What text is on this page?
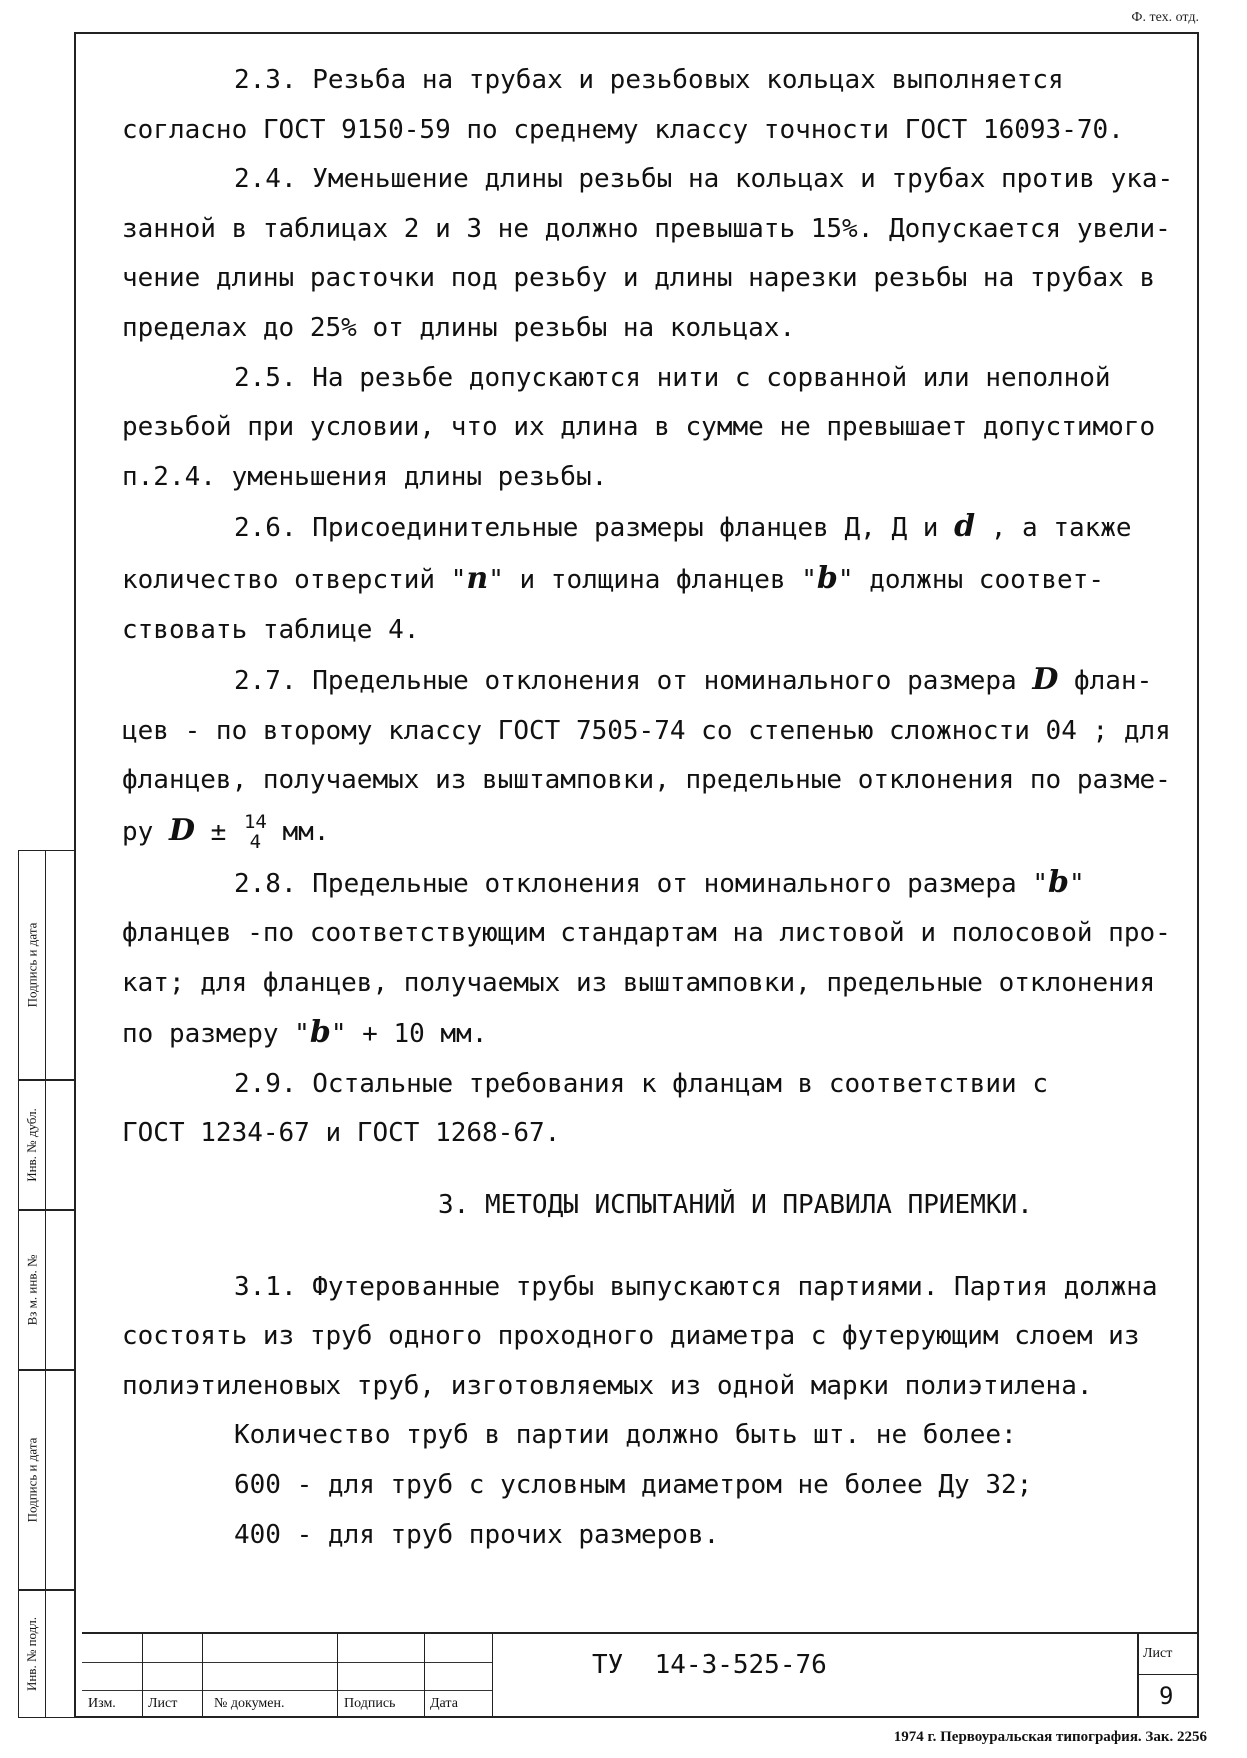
Ф. тех. отд.

2.3. Резьба на трубах и резьбовых кольцах выполняется

согласно ГОСТ 9150-59 по среднему классу точности ГОСТ 16093-70.

2.4. Уменьшение длины резьбы на кольцах и трубах против ука-

занной в таблицах 2 и 3 не должно превышать 15%. Допускается увели-

чение длины расточки под резьбу и длины нарезки резьбы на трубах в

пределах до 25% от длины резьбы на кольцах.

2.5. На резьбе допускаются нити с сорванной или неполной

резьбой при условии, что их длина в сумме не превышает допустимого

п.2.4. уменьшения длины резьбы.

2.6. Присоединительные размеры фланцев Д, Д и d , а также

количество отверстий "n" и толщина фланцев "b" должны соответ-

ствовать таблице 4.

2.7. Предельные отклонения от номинального размера D флан-

цев - по второму классу ГОСТ 7505-74 со степенью сложности 04 ; для

фланцев, получаемых из выштамповки, предельные отклонения по разме-

ру D ± 14
4 мм.

2.8. Предельные отклонения от номинального размера "b"

фланцев -по соответствующим стандартам на листовой и полосовой про-

кат; для фланцев, получаемых из выштамповки, предельные отклонения

по размеру "b" + 10 мм.

2.9. Остальные требования к фланцам в соответствии с

ГОСТ 1234-67 и ГОСТ 1268-67.

3. МЕТОДЫ ИСПЫТАНИЙ И ПРАВИЛА ПРИЕМКИ.

3.1. Футерованные трубы выпускаются партиями. Партия должна

состоять из труб одного проходного диаметра с футерующим слоем из

полиэтиленовых труб, изготовляемых из одной марки полиэтилена.

Количество труб в партии должно быть шт. не более:

600 - для труб с условным диаметром не более Ду 32;

400 - для труб прочих размеров.

Подпись и дата
Инв. № дубл.
Вз м. инв. №
Подпись и дата
Инв. № подл.
Изм. Лист	№ докумен.	Подпись Дата
ТУ  14-3-525-76	Лист
9
1974 г. Первоуральская типография. Зак. 2256
